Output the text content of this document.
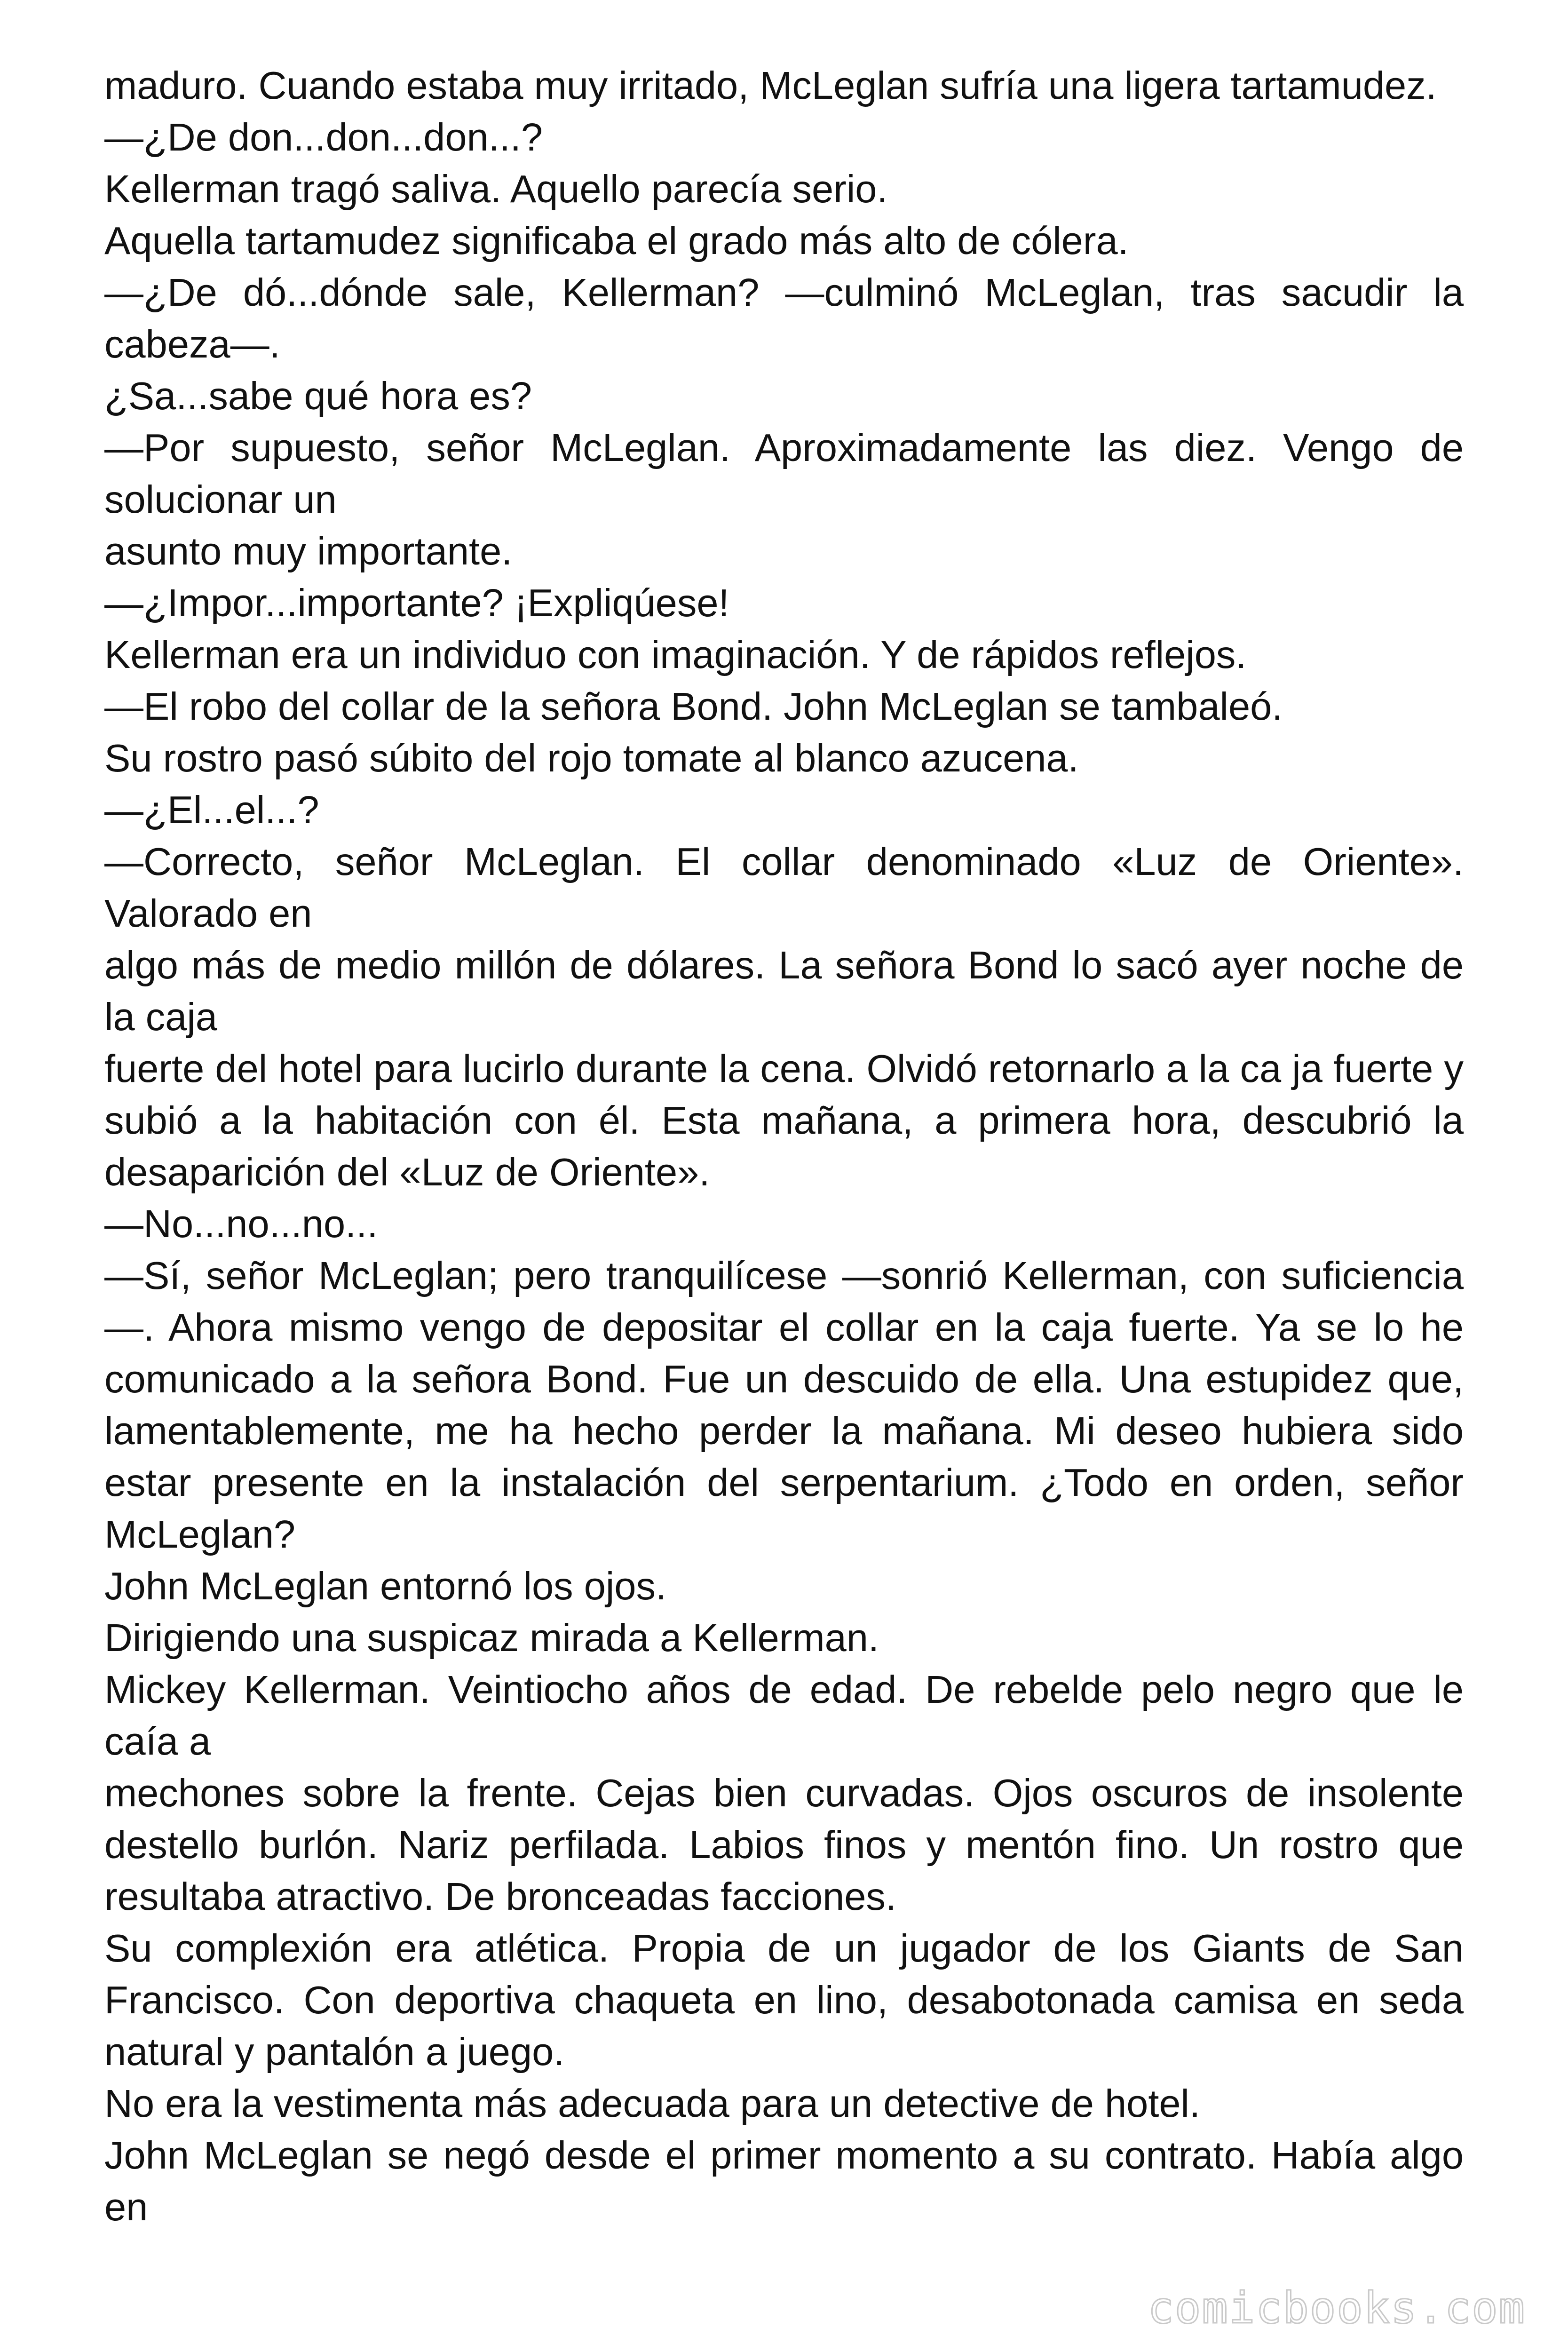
maduro. Cuando estaba muy irritado, McLeglan sufría una ligera tartamudez.

—¿De don...don...don...?

Kellerman tragó saliva. Aquello parecía serio.

Aquella tartamudez significaba el grado más alto de cólera.

—¿De dó...dónde sale, Kellerman? —culminó McLeglan, tras sacudir la cabeza—.

¿Sa...sabe qué hora es?

—Por supuesto, señor McLeglan. Aproximadamente las diez. Vengo de solucionar un

asunto muy importante.

—¿Impor...importante? ¡Expliqúese!

Kellerman era un individuo con imaginación. Y de rápidos reflejos.

—El robo del collar de la señora Bond. John McLeglan se tambaleó.

Su rostro pasó súbito del rojo tomate al blanco azucena.

—¿El...el...?

—Correcto, señor McLeglan. El collar denominado «Luz de Oriente». Valorado en

algo más de medio millón de dólares. La señora Bond lo sacó ayer noche de la caja

fuerte del hotel para lucirlo durante la cena. Olvidó retornarlo a la ca ja fuerte y subió a la habitación con él. Esta mañana, a primera hora, descubrió la desaparición del «Luz de Oriente».

—No...no...no...

—Sí, señor McLeglan; pero tranquilícese —sonrió Kellerman, con suficiencia—. Ahora mismo vengo de depositar el collar en la caja fuerte. Ya se lo he comunicado a la señora Bond. Fue un descuido de ella. Una estupidez que, lamentablemente, me ha hecho perder la mañana. Mi deseo hubiera sido estar presente en la instalación del serpentarium. ¿Todo en orden, señor McLeglan?

John McLeglan entornó los ojos.

Dirigiendo una suspicaz mirada a Kellerman.

Mickey Kellerman. Veintiocho años de edad. De rebelde pelo negro que le caía a

mechones sobre la frente. Cejas bien curvadas. Ojos oscuros de insolente destello burlón. Nariz perfilada. Labios finos y mentón fino. Un rostro que resultaba atractivo. De bronceadas facciones.

Su complexión era atlética. Propia de un jugador de los Giants de San Francisco. Con deportiva chaqueta en lino, desabotonada camisa en seda natural y pantalón a juego.

No era la vestimenta más adecuada para un detective de hotel.

John McLeglan se negó desde el primer momento a su contrato. Había algo en

comicbooks.com
